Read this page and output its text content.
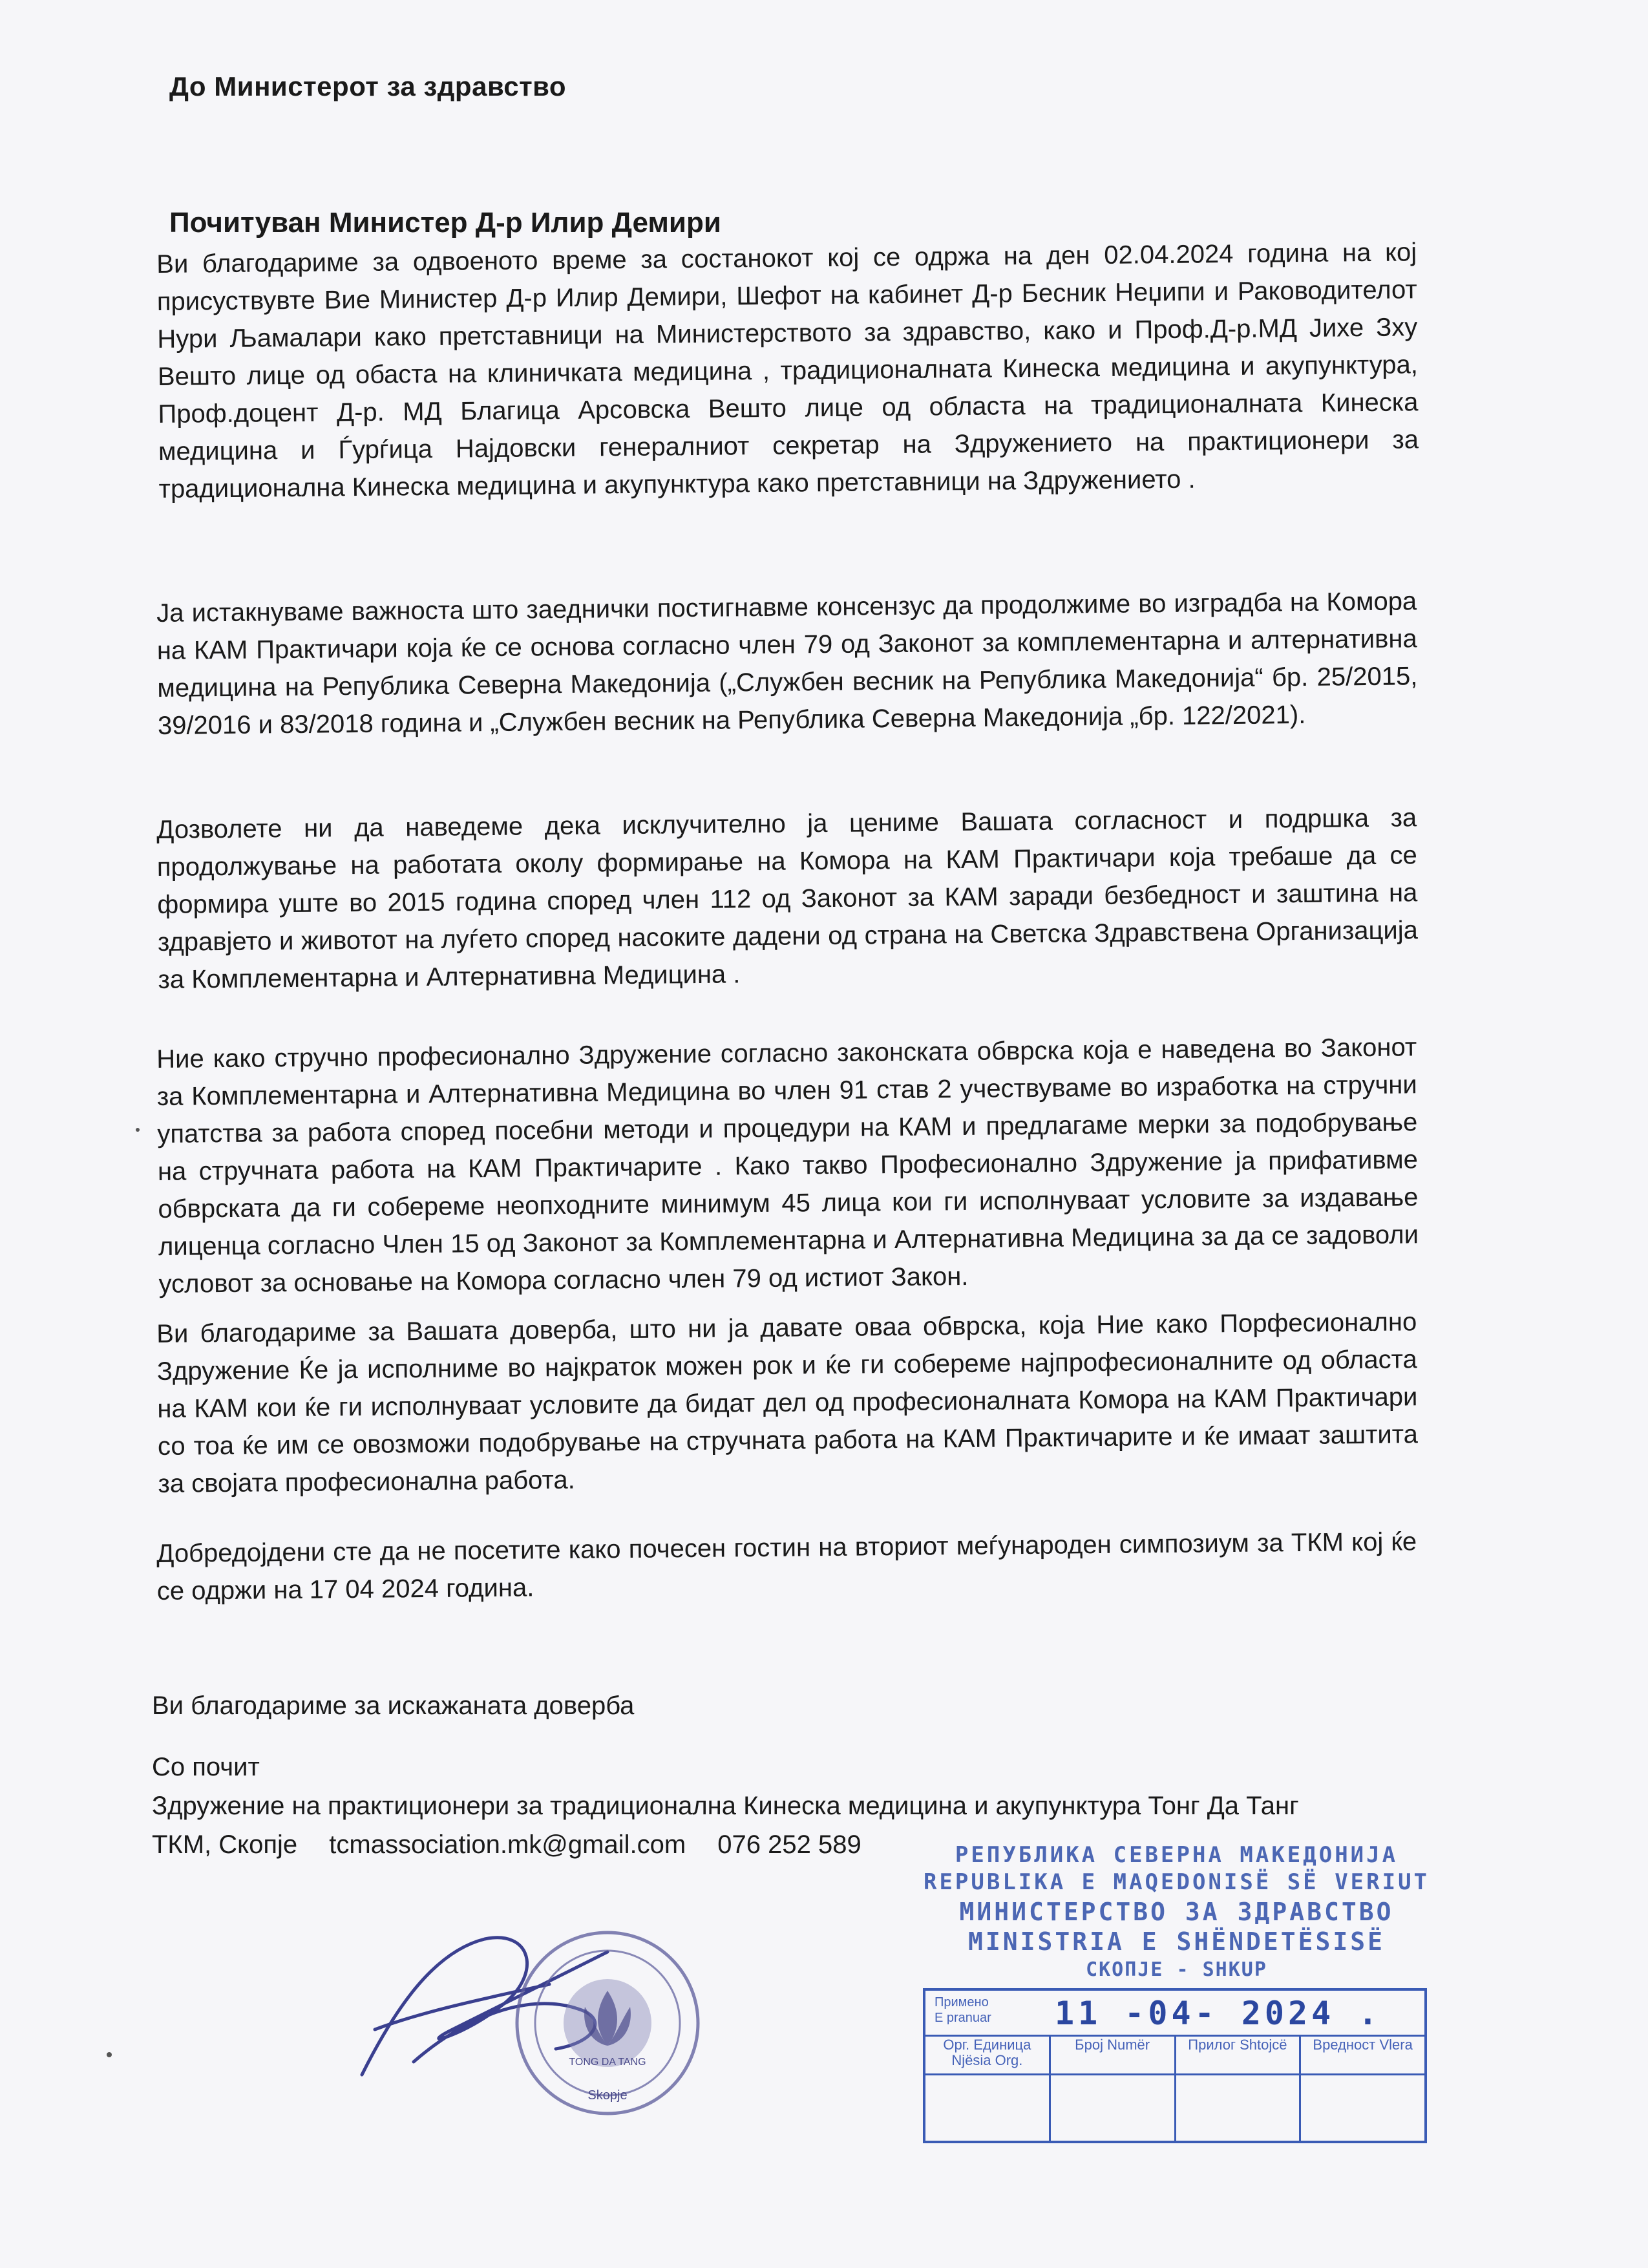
До Министерот за здравство
Почитуван Министер Д-р Илир Демири
Ви благодариме за одвоеното време за состанокот кој се одржа на ден 02.04.2024 година на кој присуствувте Вие Министер Д-р Илир Демири, Шефот на кабинет Д-р Бесник Неџипи и Раководителот Нури Љамалари како претставници на Министерството за здравство, како и Проф.Д-р.МД Јихе Зху Вешто лице од обаста на клиничката медицина , традиционалната Кинеска медицина и акупунктура, Проф.доцент Д-р. МД Благица Арсовска Вешто лице од областа на традиционалната Кинеска медицина и Ѓурѓица Најдовски генералниот секретар на Здружението на практиционери за традиционална Кинеска медицина и акупунктура како претставници на Здружението .
Ја истакнуваме важноста што заеднички постигнавме консензус да продолжиме во изградба на Комора на КАМ Практичари која ќе се основа согласно член 79 од Законот за комплементарна и алтернативна медицина на Република Северна Македонија („Службен весник на Република Македонија“ бр. 25/2015, 39/2016 и 83/2018 година и „Службен весник на Република Северна Македонија „бр. 122/2021).
Дозволете ни да наведеме дека исклучително ја цениме Вашата согласност и подршка за продолжување на работата околу формирање на Комора на КАМ Практичари која требаше да се формира уште во 2015 година според член 112 од Законот за КАМ заради безбедност и заштина на здравјето и животот на луѓето според насоките дадени од страна на Светска Здравствена Организација за Комплементарна и Алтернативна Медицина .
Ние како стручно професионално Здружение согласно законската обврска која е наведена во Законот за Комплементарна и Алтернативна Медицина во член 91 став 2 учествуваме во изработка на стручни упатства за работа според посебни методи и процедури на КАМ и предлагаме мерки за подобрување на стручната работа на КАМ Практичарите . Како такво Професионално Здружение ја прифативме обврската да ги собереме неопходните минимум 45 лица кои ги исполнуваат условите за издавање лиценца согласно Член 15 од Законот за Комплементарна и Алтернативна Медицина за да се задоволи условот за основање на Комора согласно член 79 од истиот Закон.
Ви благодариме за Вашата доверба, што ни ја давате оваа обврска, која Ние како Порфесионално Здружение Ќе ја исполниме во најкраток можен рок и ќе ги собереме најпрофесионалните од областа на КАМ кои ќе ги исполнуваат условите да бидат дел од професионалната Комора на КАМ Практичари со тоа ќе им се овозможи подобрување на стручната работа на КАМ Практичарите и ќе имаат заштита за својата професионална работа.
Добредојдени сте да не посетите како почесен гостин на вториот меѓународен симпозиум за ТКМ кој ќе се одржи на 17 04 2024 година.
Ви благодариме за искажаната доверба
Со почит
Здружение на практиционери за традиционална Кинеска медицина и акупунктура Тонг Да Танг
ТКМ, Скопје tcmassociation.mk@gmail.com 076 252 589
TONG DA TANG
Skopje
РЕПУБЛИКА СЕВЕРНА МАКЕДОНИЈА
REPUBLIKA E MAQEDONISË SË VERIUT
МИНИСТЕРСТВО ЗА ЗДРАВСТВО
MINISTRIA E SHËNDETËSISË
СКОПЈЕ - SHKUP
Примено
Е pranuar 11 -04- 2024 .
Орг. Единица Njësia Org.
Број Numër	Прилог Shtojcë	Вредност Vlera
